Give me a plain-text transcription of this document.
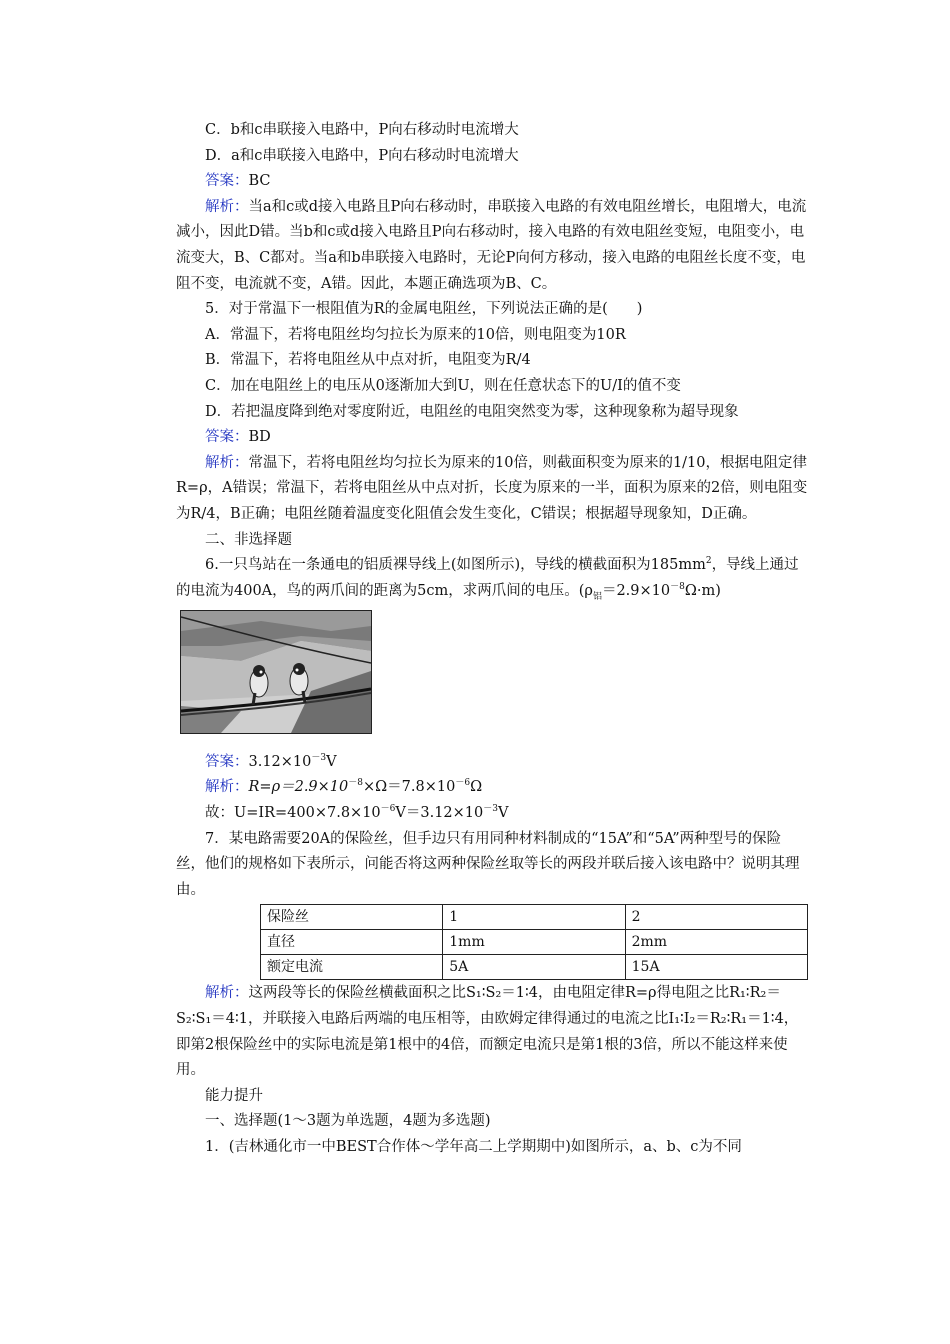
C．b和c串联接入电路中，P向右移动时电流增大

D．a和c串联接入电路中，P向右移动时电流增大

答案：BC

解析：当a和c或d接入电路且P向右移动时，串联接入电路的有效电阻丝增长，电阻增大，电流减小，因此D错。当b和c或d接入电路且P向右移动时，接入电路的有效电阻丝变短，电阻变小，电流变大，B、C都对。当a和b串联接入电路时，无论P向何方移动，接入电路的电阻丝长度不变，电阻不变，电流就不变，A错。因此，本题正确选项为B、C。

5．对于常温下一根阻值为R的金属电阻丝，下列说法正确的是(　　)

A．常温下，若将电阻丝均匀拉长为原来的10倍，则电阻变为10R

B．常温下，若将电阻丝从中点对折，电阻变为R/4

C．加在电阻丝上的电压从0逐渐加大到U，则在任意状态下的U/I的值不变

D．若把温度降到绝对零度附近，电阻丝的电阻突然变为零，这种现象称为超导现象

答案：BD

解析：常温下，若将电阻丝均匀拉长为原来的10倍，则截面积变为原来的1/10，根据电阻定律R=ρ，A错误；常温下，若将电阻丝从中点对折，长度为原来的一半，面积为原来的2倍，则电阻变为R/4，B正确；电阻丝随着温度变化阻值会发生变化，C错误；根据超导现象知，D正确。

二、非选择题

6.一只鸟站在一条通电的铝质裸导线上(如图所示)，导线的横截面积为$185mm^2$，导线上通过的电流为400A，鸟的两爪间的距离为5cm，求两爪间的电压。$(\rho_铝=2.9\times 10^{-8}\Omega\cdot m)$

答案：$3.12\times 10^{-3}V$

解析：$R=\rho=2.9\times 10^{-8}\times\Omega=7.8\times 10^{-6}\Omega$

故：$U=IR=400\times 7.8\times 10^{-6}V=3.12\times 10^{-3}V$

7．某电路需要20A的保险丝，但手边只有用同种材料制成的“15A”和“5A”两种型号的保险丝，他们的规格如下表所示，问能否将这两种保险丝取等长的两段并联后接入该电路中？说明其理由。

保险丝	1	2
直径	1mm	2mm
额定电流	5A	15A

解析：这两段等长的保险丝横截面积之比S₁∶S₂＝1∶4，由电阻定律R=ρ得电阻之比R₁∶R₂＝S₂∶S₁＝4∶1，并联接入电路后两端的电压相等，由欧姆定律得通过的电流之比I₁∶I₂＝R₂∶R₁＝1∶4，即第2根保险丝中的实际电流是第1根中的4倍，而额定电流只是第1根的3倍，所以不能这样来使用。

能力提升

一、选择题(1～3题为单选题，4题为多选题)

1．(吉林通化市一中BEST合作体～学年高二上学期期中)如图所示，a、b、c为不同
